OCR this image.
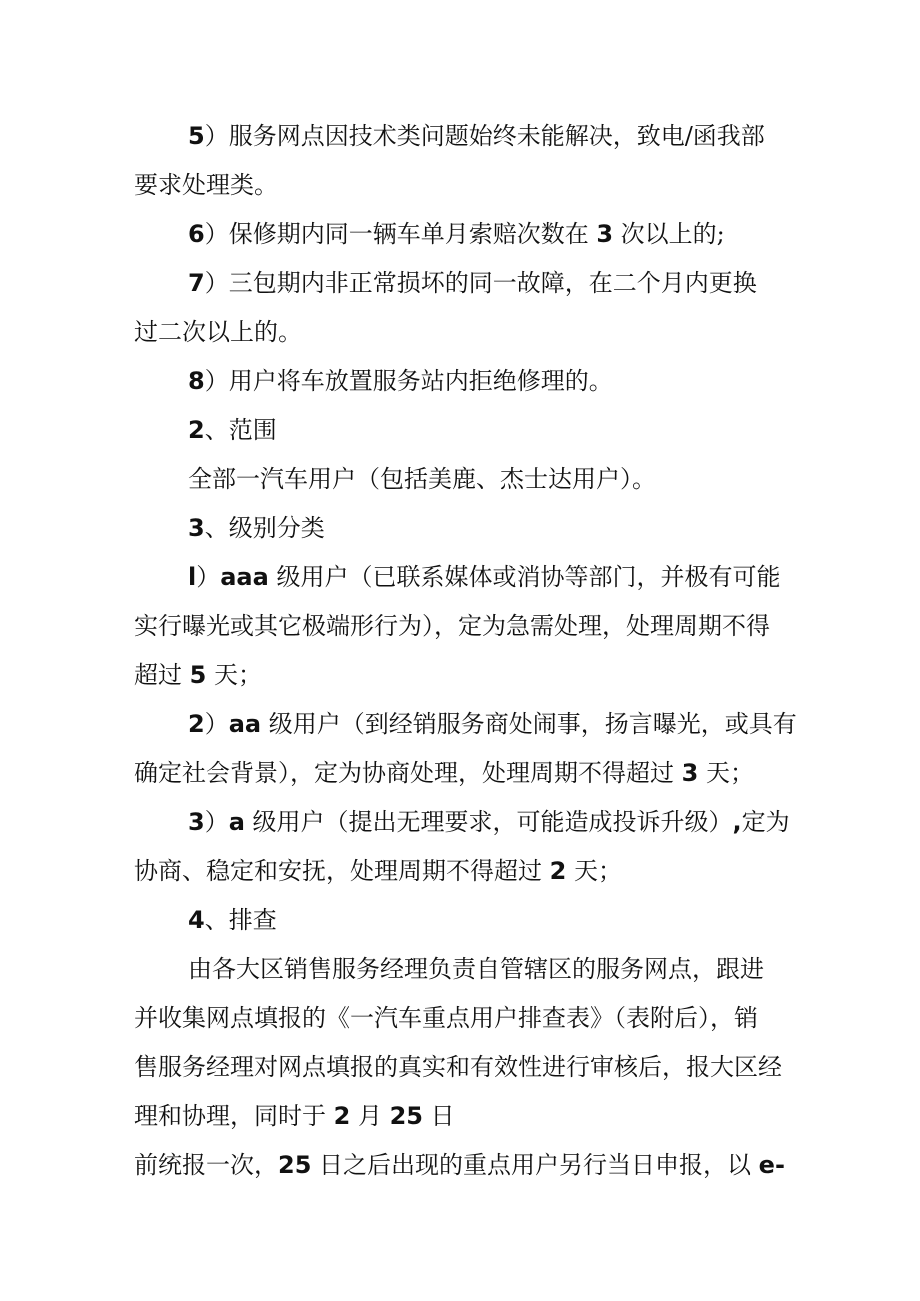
5）服务网点因技术类问题始终未能解决，致电/函我部
要求处理类。
6）保修期内同一辆车单月索赔次数在 3 次以上的;
7）三包期内非正常损坏的同一故障，在二个月内更换
过二次以上的。
8）用户将车放置服务站内拒绝修理的。
2、范围
全部一汽车用户（包括美鹿、杰士达用户）。
3、级别分类
l）aaa 级用户（已联系媒体或消协等部门，并极有可能
实行曝光或其它极端形行为），定为急需处理，处理周期不得
超过 5 天；
2）aa 级用户（到经销服务商处闹事，扬言曝光，或具有
确定社会背景），定为协商处理，处理周期不得超过 3 天；
3）a 级用户（提出无理要求，可能造成投诉升级）,定为
协商、稳定和安抚，处理周期不得超过 2 天；
4、排查
由各大区销售服务经理负责自管辖区的服务网点，跟进
并收集网点填报的《一汽车重点用户排查表》（表附后），销
售服务经理对网点填报的真实和有效性进行审核后，报大区经
理和协理，同时于 2 月 25 日
前统报一次，25 日之后出现的重点用户另行当日申报，以 e-
